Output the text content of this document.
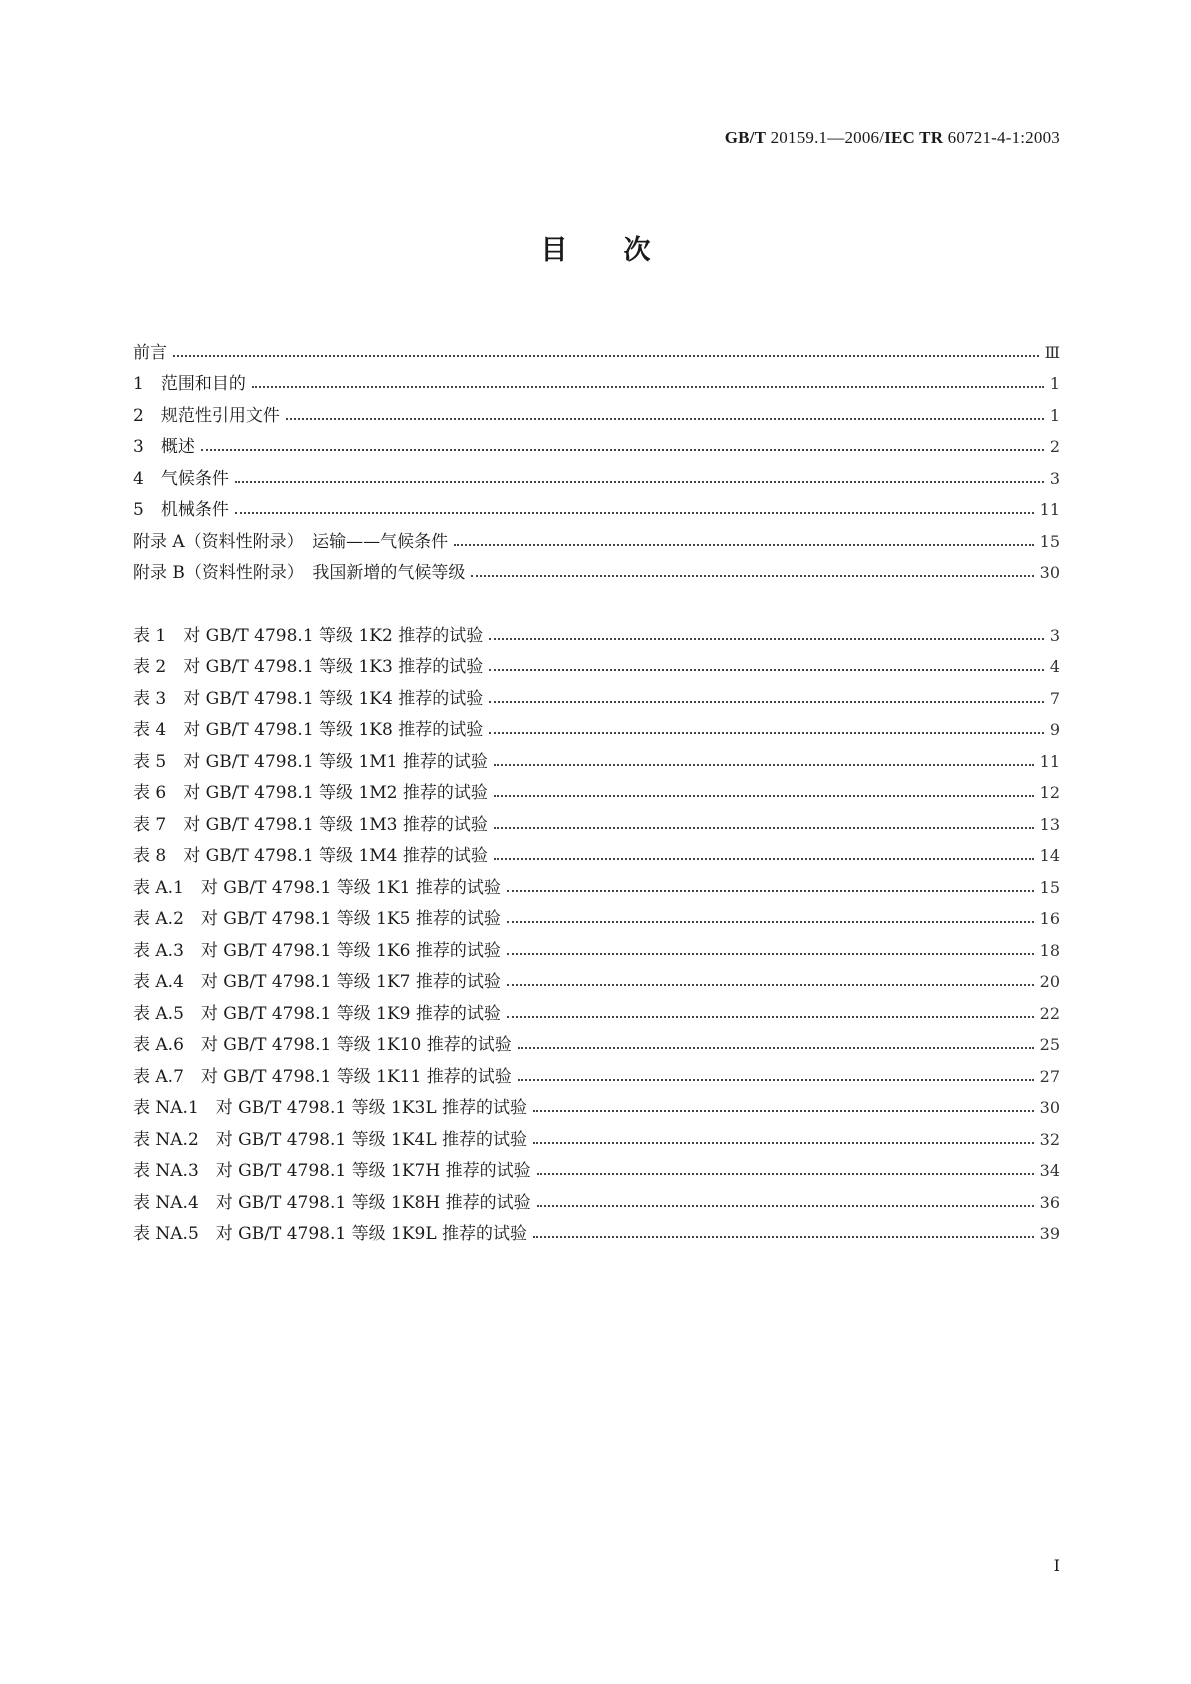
GB/T 20159.1—2006/IEC TR 60721-4-1:2003
目次
前言	Ⅲ
1　范围和目的	1
2　规范性引用文件	1
3　概述	2
4　气候条件	3
5　机械条件	11
附录 A（资料性附录）　运输——气候条件	15
附录 B（资料性附录）　我国新增的气候等级	30
表 1　对 GB/T 4798.1 等级 1K2 推荐的试验	3
表 2　对 GB/T 4798.1 等级 1K3 推荐的试验	4
表 3　对 GB/T 4798.1 等级 1K4 推荐的试验	7
表 4　对 GB/T 4798.1 等级 1K8 推荐的试验	9
表 5　对 GB/T 4798.1 等级 1M1 推荐的试验	11
表 6　对 GB/T 4798.1 等级 1M2 推荐的试验	12
表 7　对 GB/T 4798.1 等级 1M3 推荐的试验	13
表 8　对 GB/T 4798.1 等级 1M4 推荐的试验	14
表 A.1　对 GB/T 4798.1 等级 1K1 推荐的试验	15
表 A.2　对 GB/T 4798.1 等级 1K5 推荐的试验	16
表 A.3　对 GB/T 4798.1 等级 1K6 推荐的试验	18
表 A.4　对 GB/T 4798.1 等级 1K7 推荐的试验	20
表 A.5　对 GB/T 4798.1 等级 1K9 推荐的试验	22
表 A.6　对 GB/T 4798.1 等级 1K10 推荐的试验	25
表 A.7　对 GB/T 4798.1 等级 1K11 推荐的试验	27
表 NA.1　对 GB/T 4798.1 等级 1K3L 推荐的试验	30
表 NA.2　对 GB/T 4798.1 等级 1K4L 推荐的试验	32
表 NA.3　对 GB/T 4798.1 等级 1K7H 推荐的试验	34
表 NA.4　对 GB/T 4798.1 等级 1K8H 推荐的试验	36
表 NA.5　对 GB/T 4798.1 等级 1K9L 推荐的试验	39
Ⅰ
